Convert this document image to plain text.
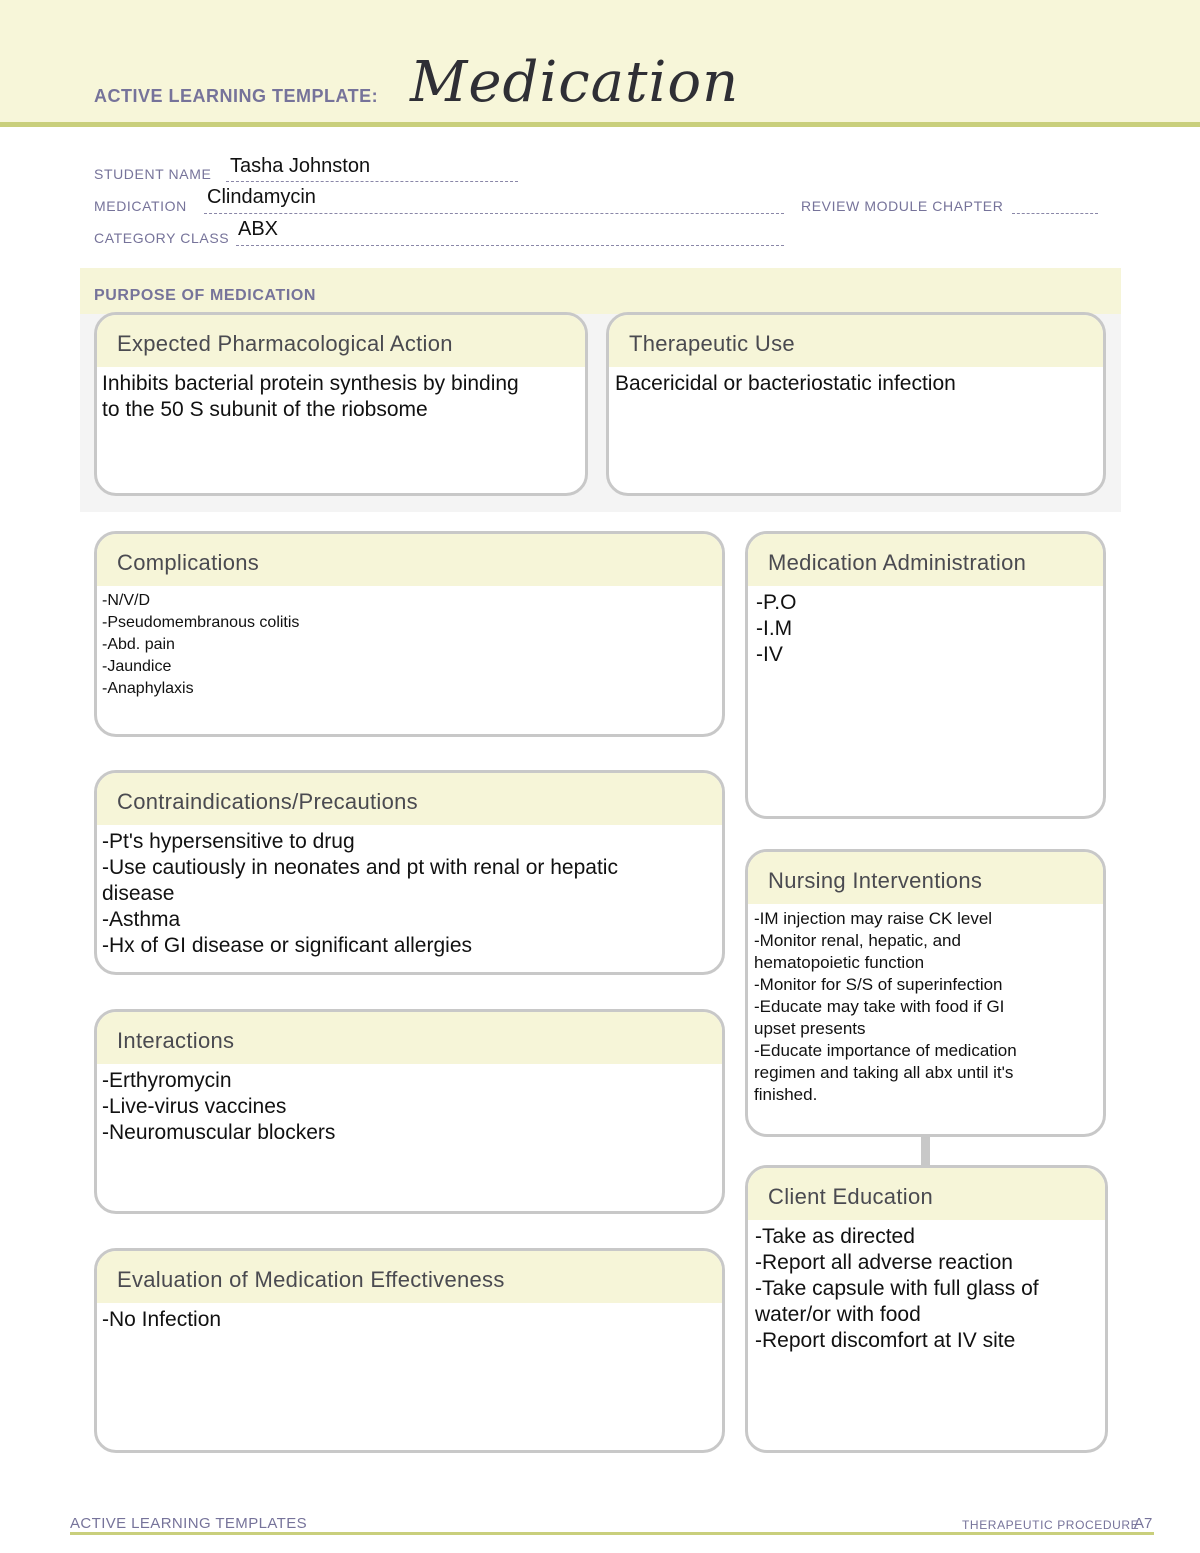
ACTIVE LEARNING TEMPLATE: Medication
STUDENT NAME Tasha Johnston
MEDICATION Clindamycin	REVIEW MODULE CHAPTER
CATEGORY CLASS ABX
PURPOSE OF MEDICATION
Expected Pharmacological Action
Inhibits bacterial protein synthesis by binding
to the 50 S subunit of the riobsome
Therapeutic Use
Bacericidal or bacteriostatic infection
Complications
-N/V/D
-Pseudomembranous colitis
-Abd. pain
-Jaundice
-Anaphylaxis
Medication Administration
-P.O
-I.M
-IV
Contraindications/Precautions
-Pt's hypersensitive to drug
-Use cautiously in neonates and pt with renal or hepatic
disease
-Asthma
-Hx of GI disease or significant allergies
Nursing Interventions
-IM injection may raise CK level
-Monitor renal, hepatic, and
hematopoietic function
-Monitor for S/S of superinfection
-Educate may take with food if GI
upset presents
-Educate importance of medication
regimen and taking all abx until it's
finished.
Interactions
-Erthyromycin
-Live-virus vaccines
-Neuromuscular blockers
Client Education
-Take as directed
-Report all adverse reaction
-Take capsule with full glass of
water/or with food
-Report discomfort at IV site
Evaluation of Medication Effectiveness
-No Infection
ACTIVE LEARNING TEMPLATES	THERAPEUTIC PROCEDURE
A7
